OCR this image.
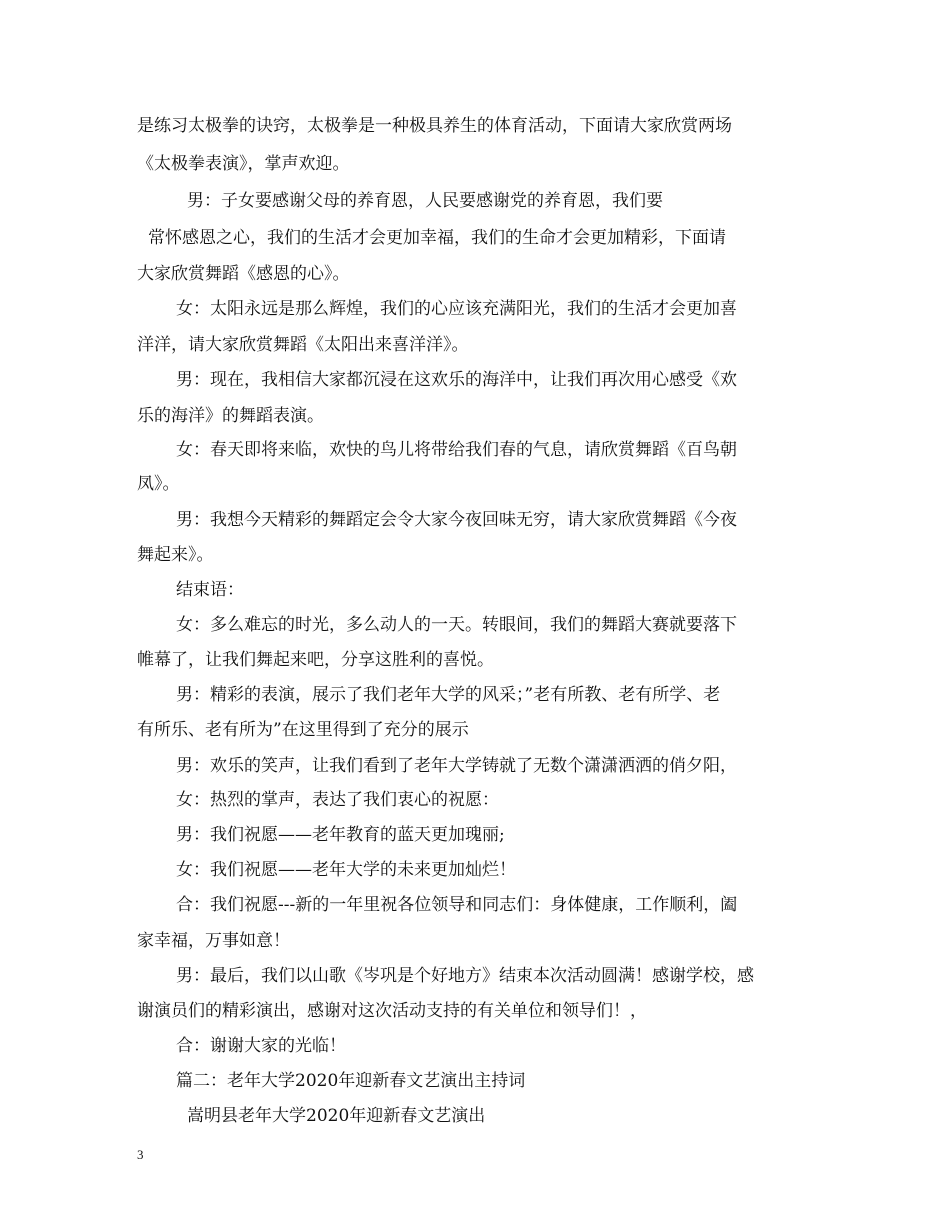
是练习太极拳的诀窍，太极拳是一种极具养生的体育活动，下面请大家欣赏两场
《太极拳表演》，掌声欢迎。
男：子女要感谢父母的养育恩，人民要感谢党的养育恩，我们要
常怀感恩之心，我们的生活才会更加幸福，我们的生命才会更加精彩，下面请
大家欣赏舞蹈《感恩的心》。
女：太阳永远是那么辉煌，我们的心应该充满阳光，我们的生活才会更加喜
洋洋，请大家欣赏舞蹈《太阳出来喜洋洋》。
男：现在，我相信大家都沉浸在这欢乐的海洋中，让我们再次用心感受《欢
乐的海洋》的舞蹈表演。
女：春天即将来临，欢快的鸟儿将带给我们春的气息，请欣赏舞蹈《百鸟朝
凤》。
男：我想今天精彩的舞蹈定会令大家今夜回味无穷，请大家欣赏舞蹈《今夜
舞起来》。
结束语：
女：多么难忘的时光，多么动人的一天。转眼间，我们的舞蹈大赛就要落下
帷幕了，让我们舞起来吧，分享这胜利的喜悦。
男：精彩的表演，展示了我们老年大学的风采；”老有所教、老有所学、老
有所乐、老有所为”在这里得到了充分的展示
男：欢乐的笑声，让我们看到了老年大学铸就了无数个潇潇洒洒的俏夕阳，
女：热烈的掌声，表达了我们衷心的祝愿：
男：我们祝愿——老年教育的蓝天更加瑰丽;
女：我们祝愿——老年大学的未来更加灿烂！
合：我们祝愿---新的一年里祝各位领导和同志们：身体健康，工作顺利，阖
家幸福，万事如意！
男：最后，我们以山歌《岑巩是个好地方》结束本次活动圆满！感谢学校，感
谢演员们的精彩演出，感谢对这次活动支持的有关单位和领导们！，
合：谢谢大家的光临！
篇二：老年大学2020年迎新春文艺演出主持词
嵩明县老年大学2020年迎新春文艺演出
3
